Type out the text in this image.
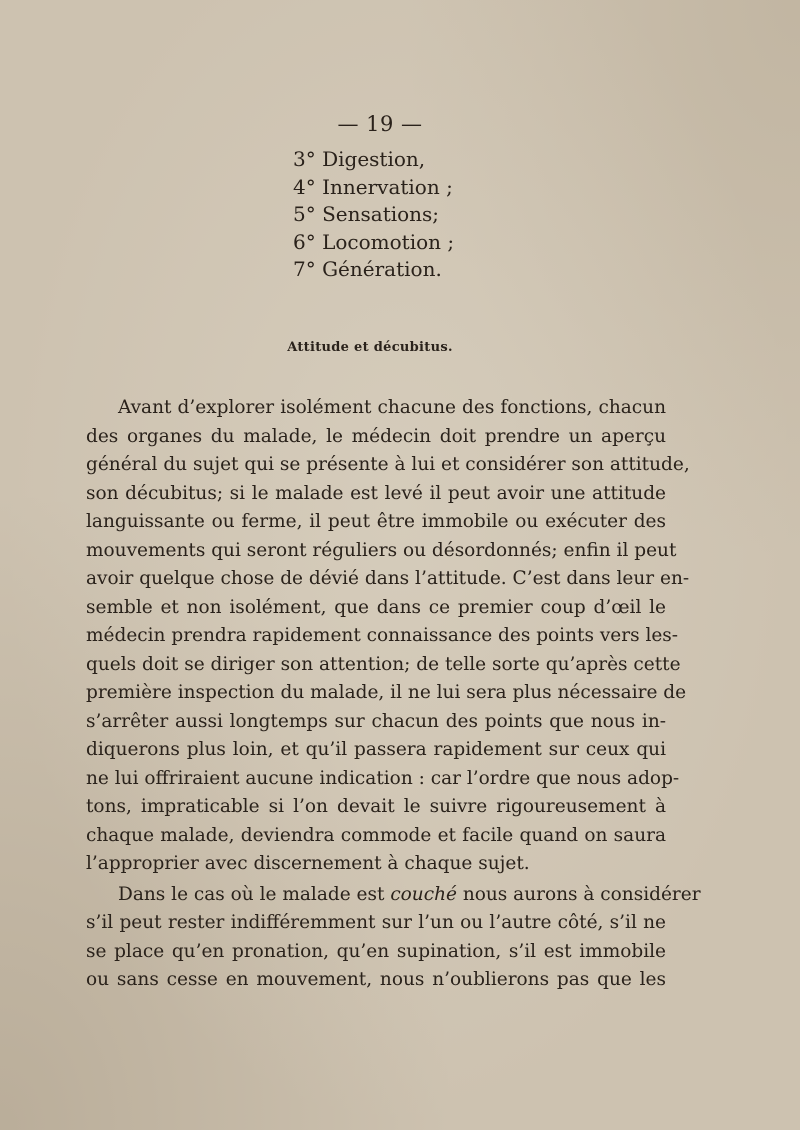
— 19 —
3° Digestion,
4° Innervation ;
5° Sensations;
6° Locomotion ;
7° Génération.
Attitude et décubitus.
Avant d’explorer isolément chacune des fonctions, chacun
des organes du malade, le médecin doit prendre un aperçu
général du sujet qui se présente à lui et considérer son attitude,
son décubitus; si le malade est levé il peut avoir une attitude
languissante ou ferme, il peut être immobile ou exécuter des
mouvements qui seront réguliers ou désordonnés; enfin il peut
avoir quelque chose de dévié dans l’attitude. C’est dans leur en-
semble et non isolément, que dans ce premier coup d’œil le
médecin prendra rapidement connaissance des points vers les-
quels doit se diriger son attention; de telle sorte qu’après cette
première inspection du malade, il ne lui sera plus nécessaire de
s’arrêter aussi longtemps sur chacun des points que nous in-
diquerons plus loin, et qu’il passera rapidement sur ceux qui
ne lui offriraient aucune indication : car l’ordre que nous adop-
tons, impraticable si l’on devait le suivre rigoureusement à
chaque malade, deviendra commode et facile quand on saura
l’approprier avec discernement à chaque sujet.
Dans le cas où le malade est couché nous aurons à considérer
s’il peut rester indifféremment sur l’un ou l’autre côté, s’il ne
se place qu’en pronation, qu’en supination, s’il est immobile
ou sans cesse en mouvement, nous n’oublierons pas que les
